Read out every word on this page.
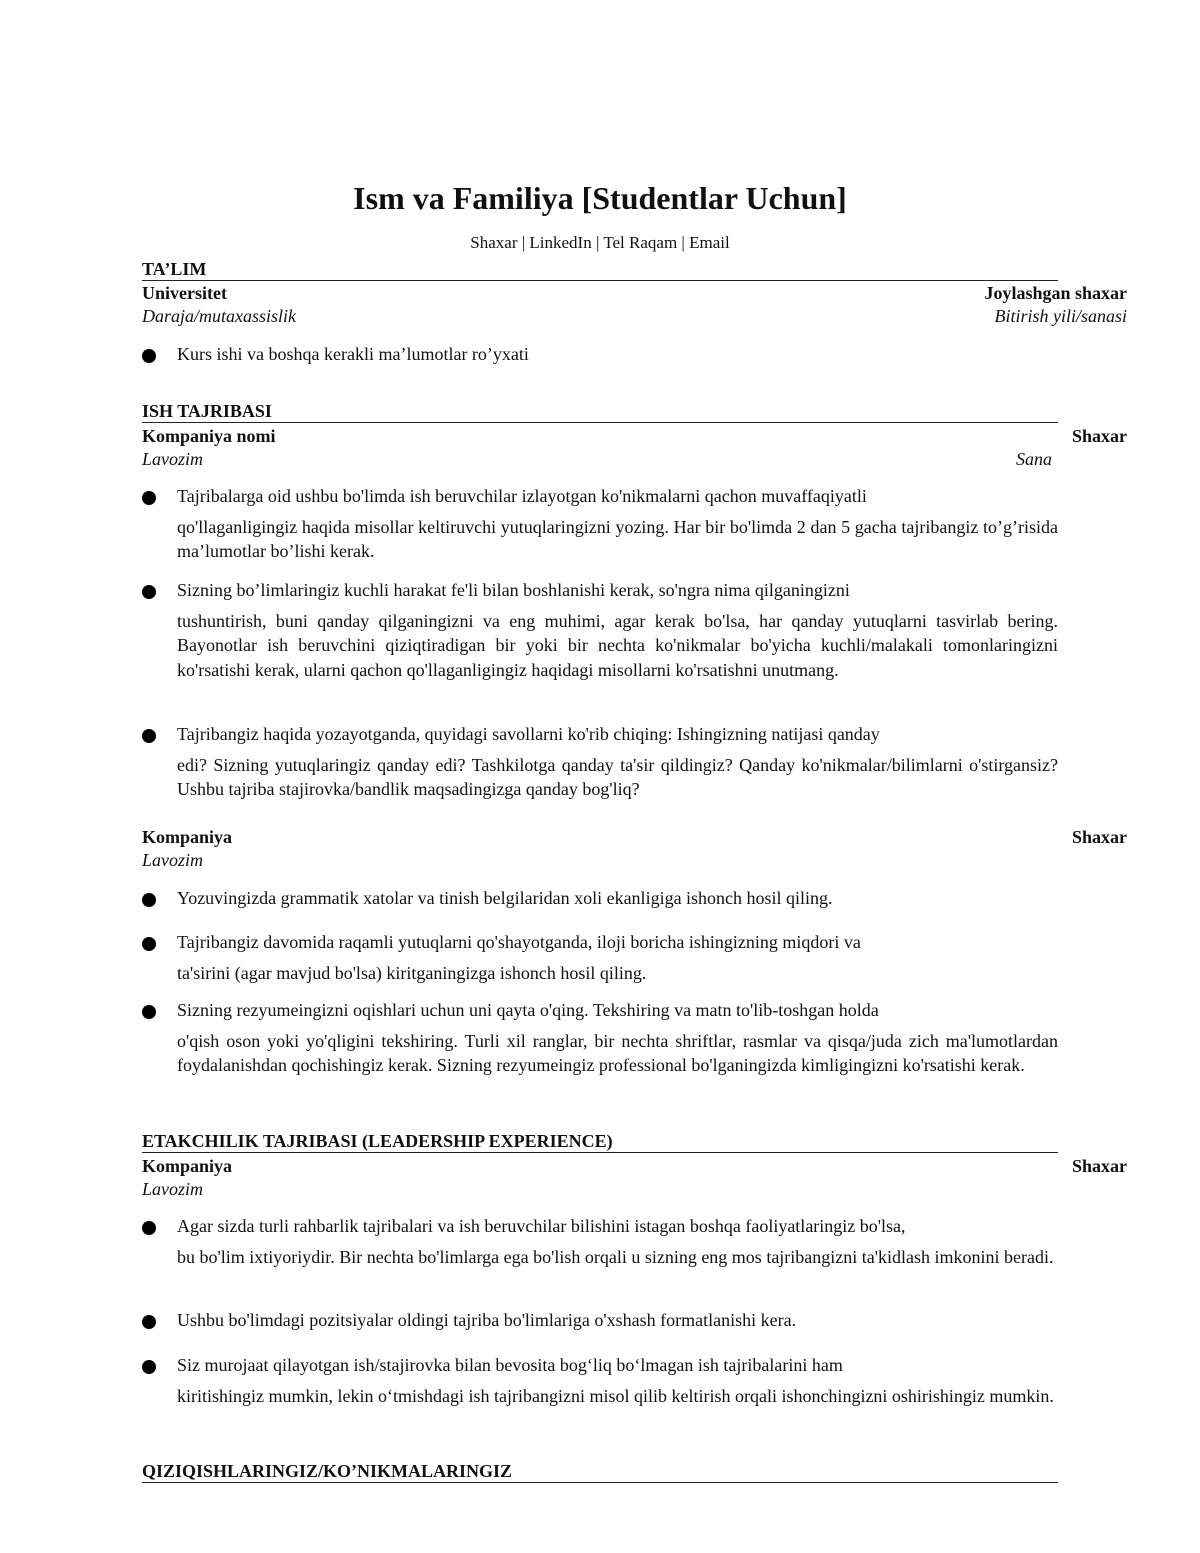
Ism va Familiya [Studentlar Uchun]
Shaxar | LinkedIn | Tel Raqam | Email
TA’LIM
Universitet	Joylashgan shaxar
Daraja/mutaxassislik	Bitirish yili/sanasi
Kurs ishi va boshqa kerakli ma’lumotlar ro’yxati
ISH TAJRIBASI
Kompaniya nomi	Shaxar
Lavozim	Sana
Tajribalarga oid ushbu bo'limda ish beruvchilar izlayotgan ko'nikmalarni qachon muvaffaqiyatli
qo'llaganligingiz haqida misollar keltiruvchi yutuqlaringizni yozing. Har bir bo'limda 2 dan 5 gacha tajribangiz to’g’risida ma’lumotlar bo’lishi kerak.
Sizning bo’limlaringiz kuchli harakat fe'li bilan boshlanishi kerak, so'ngra nima qilganingizni
tushuntirish, buni qanday qilganingizni va eng muhimi, agar kerak bo'lsa, har qanday yutuqlarni tasvirlab bering. Bayonotlar ish beruvchini qiziqtiradigan bir yoki bir nechta ko'nikmalar bo'yicha kuchli/malakali tomonlaringizni ko'rsatishi kerak, ularni qachon qo'llaganligingiz haqidagi misollarni ko'rsatishni unutmang.
Tajribangiz haqida yozayotganda, quyidagi savollarni ko'rib chiqing: Ishingizning natijasi qanday
edi? Sizning yutuqlaringiz qanday edi? Tashkilotga qanday ta'sir qildingiz? Qanday ko'nikmalar/bilimlarni o'stirgansiz? Ushbu tajriba stajirovka/bandlik maqsadingizga qanday bog'liq?
Kompaniya	Shaxar
Lavozim
Yozuvingizda grammatik xatolar va tinish belgilaridan xoli ekanligiga ishonch hosil qiling.
Tajribangiz davomida raqamli yutuqlarni qo'shayotganda, iloji boricha ishingizning miqdori va
ta'sirini (agar mavjud bo'lsa) kiritganingizga ishonch hosil qiling.
Sizning rezyumeingizni oqishlari uchun uni qayta o'qing. Tekshiring va matn to'lib-toshgan holda
o'qish oson yoki yo'qligini tekshiring. Turli xil ranglar, bir nechta shriftlar, rasmlar va qisqa/juda zich ma'lumotlardan foydalanishdan qochishingiz kerak. Sizning rezyumeingiz professional bo'lganingizda kimligingizni ko'rsatishi kerak.
ETAKCHILIK TAJRIBASI (LEADERSHIP EXPERIENCE)
Kompaniya	Shaxar
Lavozim
Agar sizda turli rahbarlik tajribalari va ish beruvchilar bilishini istagan boshqa faoliyatlaringiz bo'lsa,
bu bo'lim ixtiyoriydir. Bir nechta bo'limlarga ega bo'lish orqali u sizning eng mos tajribangizni ta'kidlash imkonini beradi.
Ushbu bo'limdagi pozitsiyalar oldingi tajriba bo'limlariga o'xshash formatlanishi kera.
Siz murojaat qilayotgan ish/stajirovka bilan bevosita bog‘liq bo‘lmagan ish tajribalarini ham
kiritishingiz mumkin, lekin o‘tmishdagi ish tajribangizni misol qilib keltirish orqali ishonchingizni oshirishingiz mumkin.
QIZIQISHLARINGIZ/KO’NIKMALARINGIZ
